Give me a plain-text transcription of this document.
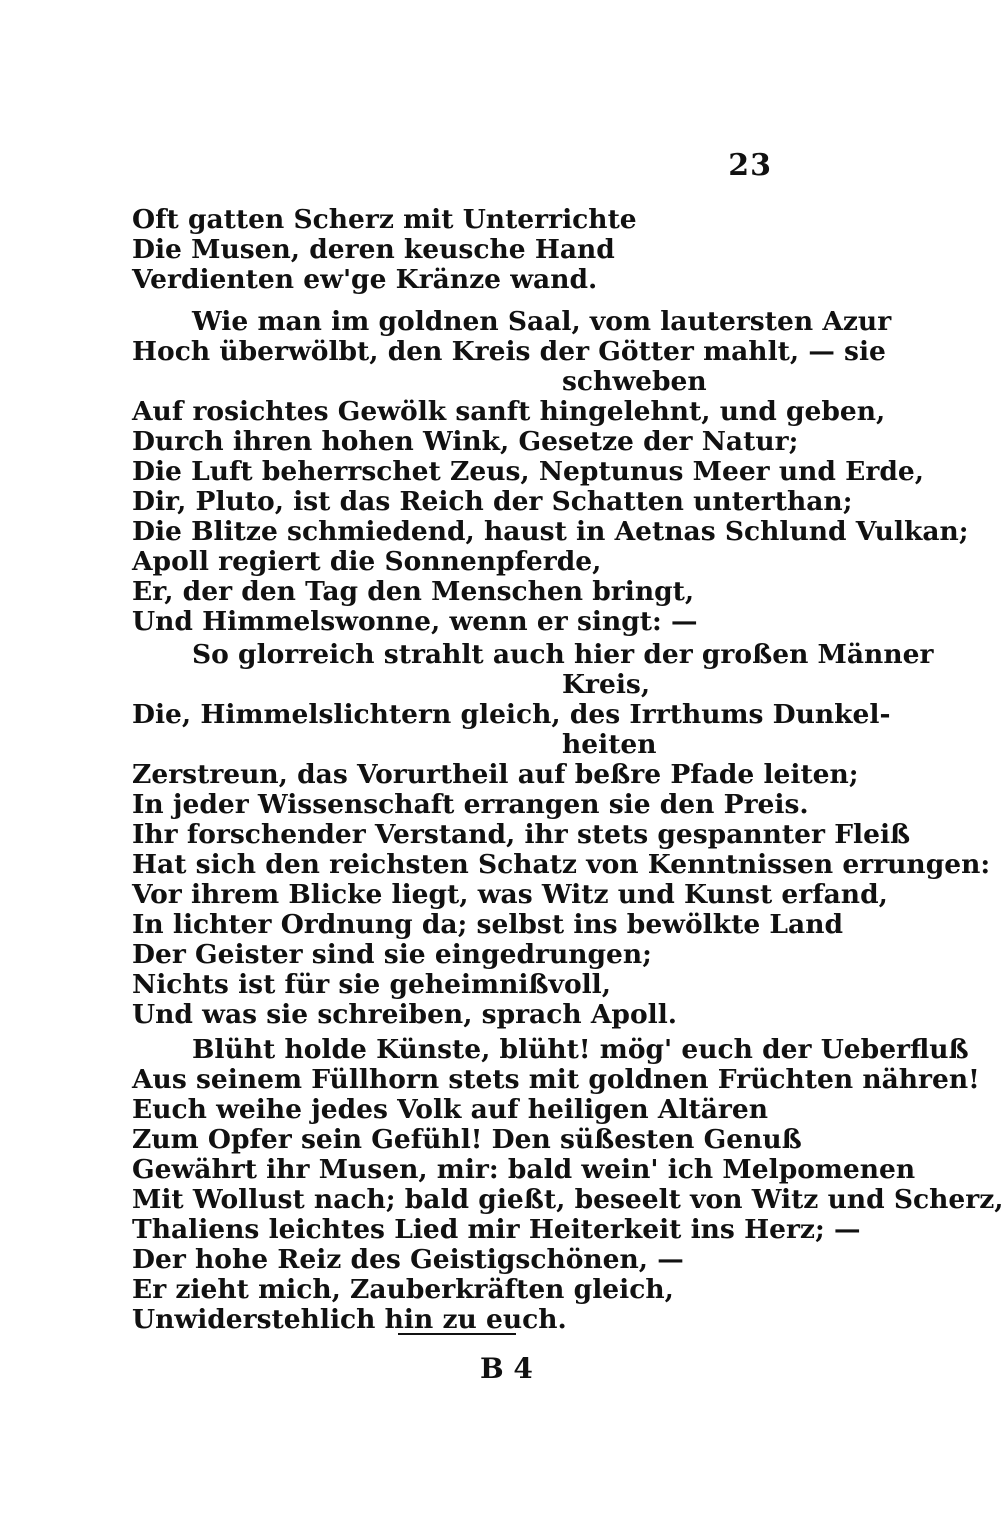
23
Oft gatten Scherz mit Unterrichte
Die Musen, deren keusche Hand
Verdienten ew'ge Kränze wand.
Wie man im goldnen Saal, vom lautersten Azur
Hoch überwölbt, den Kreis der Götter mahlt, — sie
schweben
Auf rosichtes Gewölk sanft hingelehnt, und geben,
Durch ihren hohen Wink, Gesetze der Natur;
Die Luft beherrschet Zeus, Neptunus Meer und Erde,
Dir, Pluto, ist das Reich der Schatten unterthan;
Die Blitze schmiedend, haust in Aetnas Schlund Vulkan;
Apoll regiert die Sonnenpferde,
Er, der den Tag den Menschen bringt,
Und Himmelswonne, wenn er singt: —
So glorreich strahlt auch hier der großen Männer
Kreis,
Die, Himmelslichtern gleich, des Irrthums Dunkel-
heiten
Zerstreun, das Vorurtheil auf beßre Pfade leiten;
In jeder Wissenschaft errangen sie den Preis.
Ihr forschender Verstand, ihr stets gespannter Fleiß
Hat sich den reichsten Schatz von Kenntnissen errungen:
Vor ihrem Blicke liegt, was Witz und Kunst erfand,
In lichter Ordnung da; selbst ins bewölkte Land
Der Geister sind sie eingedrungen;
Nichts ist für sie geheimnißvoll,
Und was sie schreiben, sprach Apoll.
Blüht holde Künste, blüht! mög' euch der Ueberfluß
Aus seinem Füllhorn stets mit goldnen Früchten nähren!
Euch weihe jedes Volk auf heiligen Altären
Zum Opfer sein Gefühl! Den süßesten Genuß
Gewährt ihr Musen, mir: bald wein' ich Melpomenen
Mit Wollust nach; bald gießt, beseelt von Witz und Scherz,
Thaliens leichtes Lied mir Heiterkeit ins Herz; —
Der hohe Reiz des Geistigschönen, —
Er zieht mich, Zauberkräften gleich,
Unwiderstehlich hin zu euch.
B 4
